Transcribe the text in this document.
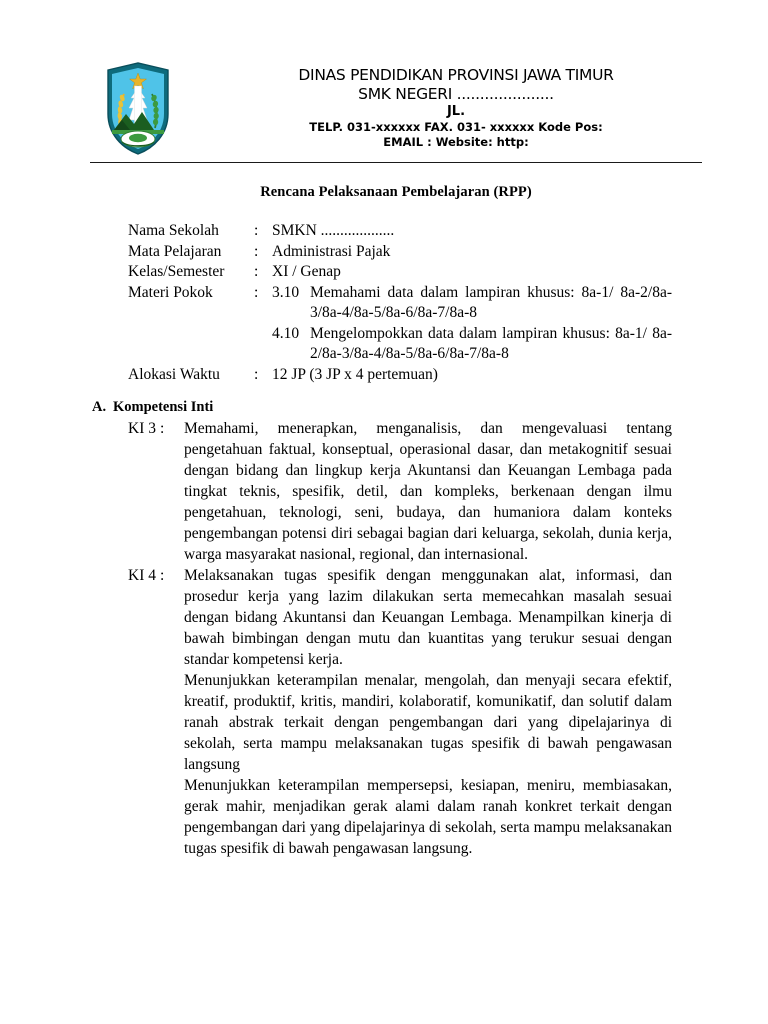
DINAS PENDIDIKAN PROVINSI JAWA TIMUR
SMK NEGERI .....................
JL.
TELP. 031-xxxxxx FAX. 031- xxxxxx Kode Pos:
EMAIL : Website: http:
Rencana Pelaksanaan Pembelajaran (RPP)
Nama Sekolah : SMKN ...................
Mata Pelajaran : Administrasi Pajak
Kelas/Semester : XI / Genap
Materi Pokok	: 3.10 Memahami data dalam lampiran khusus: 8a-1/ 8a-2/8a-3/8a-4/8a-5/8a-6/8a-7/8a-8
4.10 Mengelompokkan data dalam lampiran khusus: 8a-1/ 8a-2/8a-3/8a-4/8a-5/8a-6/8a-7/8a-8
Alokasi Waktu : 12 JP (3 JP x 4 pertemuan)
A. Kompetensi Inti
KI 3 : Memahami, menerapkan, menganalisis, dan mengevaluasi tentang pengetahuan faktual, konseptual, operasional dasar, dan metakognitif sesuai dengan bidang dan lingkup kerja Akuntansi dan Keuangan Lembaga pada tingkat teknis, spesifik, detil, dan kompleks, berkenaan dengan ilmu pengetahuan, teknologi, seni, budaya, dan humaniora dalam konteks pengembangan potensi diri sebagai bagian dari keluarga, sekolah, dunia kerja, warga masyarakat nasional, regional, dan internasional.
KI 4 : Melaksanakan tugas spesifik dengan menggunakan alat, informasi, dan prosedur kerja yang lazim dilakukan serta memecahkan masalah sesuai dengan bidang Akuntansi dan Keuangan Lembaga. Menampilkan kinerja di bawah bimbingan dengan mutu dan kuantitas yang terukur sesuai dengan standar kompetensi kerja.
Menunjukkan keterampilan menalar, mengolah, dan menyaji secara efektif, kreatif, produktif, kritis, mandiri, kolaboratif, komunikatif, dan solutif dalam ranah abstrak terkait dengan pengembangan dari yang dipelajarinya di sekolah, serta mampu melaksanakan tugas spesifik di bawah pengawasan langsung
Menunjukkan keterampilan mempersepsi, kesiapan, meniru, membiasakan, gerak mahir, menjadikan gerak alami dalam ranah konkret terkait dengan pengembangan dari yang dipelajarinya di sekolah, serta mampu melaksanakan tugas spesifik di bawah pengawasan langsung.
